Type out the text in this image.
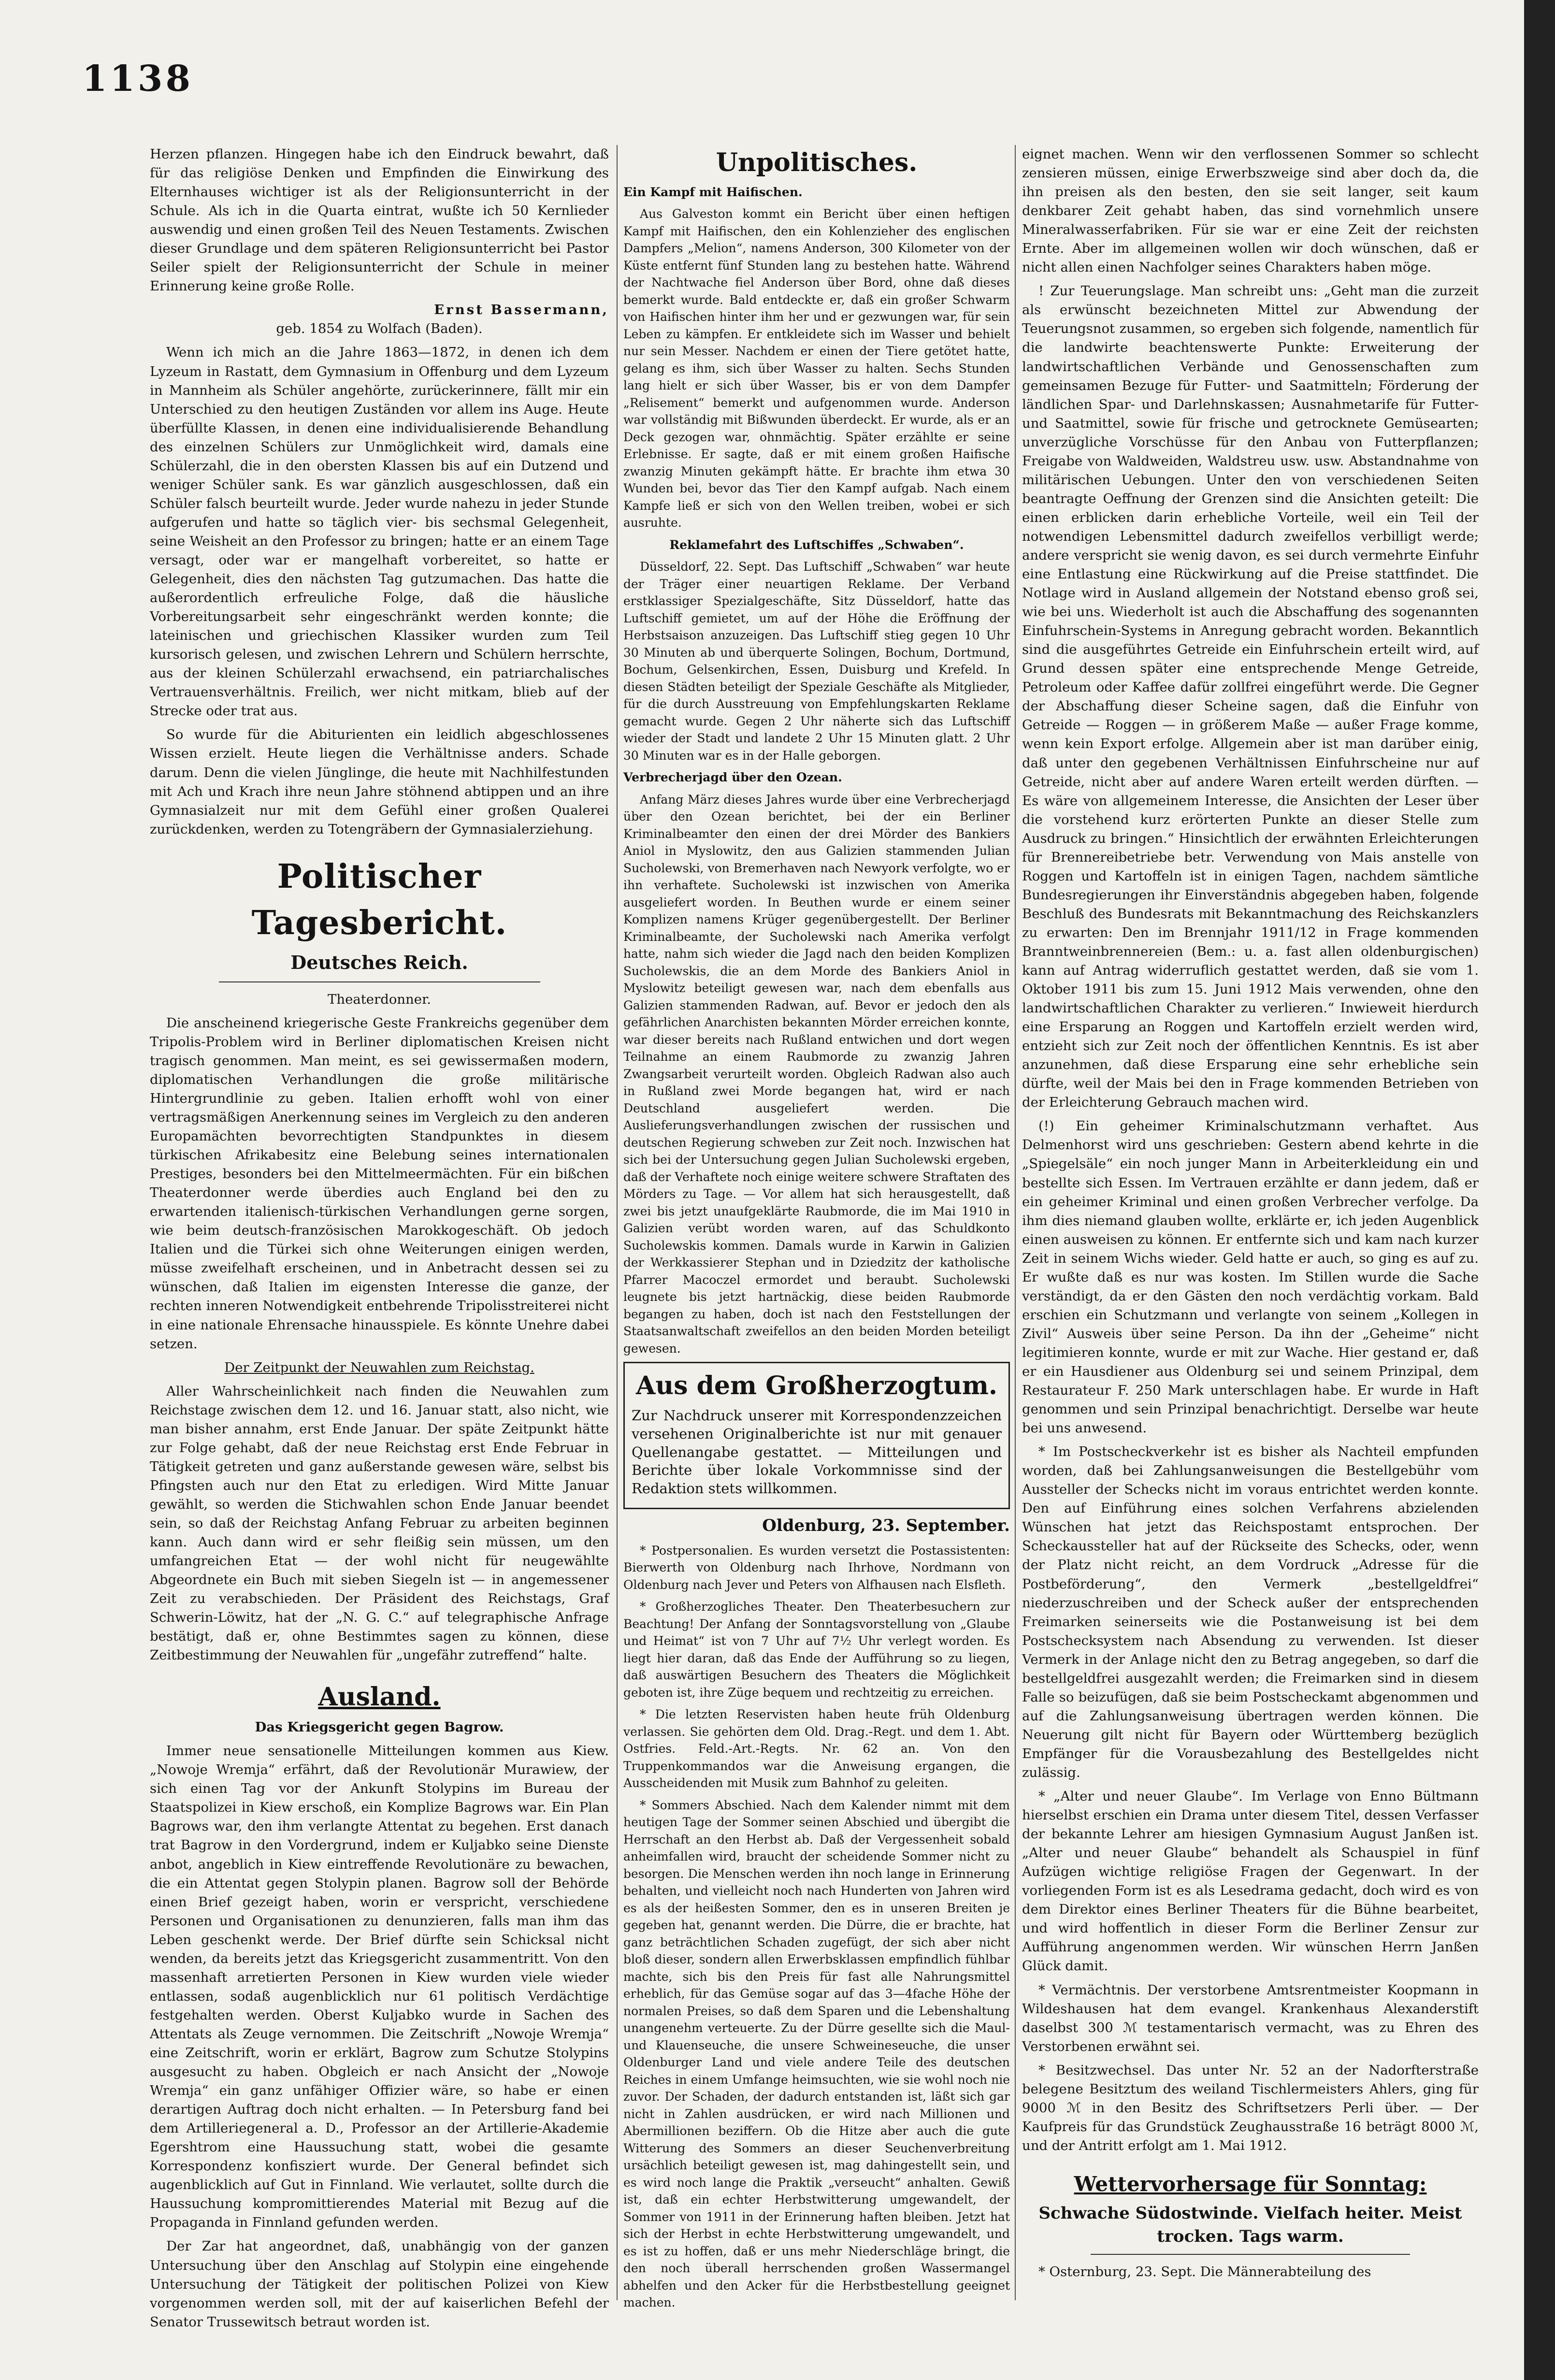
1138

Herzen pflanzen. Hingegen habe ich den Eindruck bewahrt, daß für das religiöse Denken und Empfinden die Einwirkung des Elternhauses wichtiger ist als der Religionsunterricht in der Schule. Als ich in die Quarta eintrat, wußte ich 50 Kernlieder auswendig und einen großen Teil des Neuen Testaments. Zwischen dieser Grundlage und dem späteren Religionsunterricht bei Pastor Seiler spielt der Religionsunterricht der Schule in meiner Erinnerung keine große Rolle.

Ernst Bassermann,

geb. 1854 zu Wolfach (Baden).

Wenn ich mich an die Jahre 1863—1872, in denen ich dem Lyzeum in Rastatt, dem Gymnasium in Offenburg und dem Lyzeum in Mannheim als Schüler angehörte, zurückerinnere, fällt mir ein Unterschied zu den heutigen Zuständen vor allem ins Auge. Heute überfüllte Klassen, in denen eine individualisierende Behandlung des einzelnen Schülers zur Unmöglichkeit wird, damals eine Schülerzahl, die in den obersten Klassen bis auf ein Dutzend und weniger Schüler sank. Es war gänzlich ausgeschlossen, daß ein Schüler falsch beurteilt wurde. Jeder wurde nahezu in jeder Stunde aufgerufen und hatte so täglich vier- bis sechsmal Gelegenheit, seine Weisheit an den Professor zu bringen; hatte er an einem Tage versagt, oder war er mangelhaft vorbereitet, so hatte er Gelegenheit, dies den nächsten Tag gutzumachen. Das hatte die außerordentlich erfreuliche Folge, daß die häusliche Vorbereitungsarbeit sehr eingeschränkt werden konnte; die lateinischen und griechischen Klassiker wurden zum Teil kursorisch gelesen, und zwischen Lehrern und Schülern herrschte, aus der kleinen Schülerzahl erwachsend, ein patriarchalisches Vertrauensverhältnis. Freilich, wer nicht mitkam, blieb auf der Strecke oder trat aus.

So wurde für die Abiturienten ein leidlich abgeschlossenes Wissen erzielt. Heute liegen die Verhältnisse anders. Schade darum. Denn die vielen Jünglinge, die heute mit Nachhilfestunden mit Ach und Krach ihre neun Jahre stöhnend abtippen und an ihre Gymnasialzeit nur mit dem Gefühl einer großen Qualerei zurückdenken, werden zu Totengräbern der Gymnasialerziehung.

Politischer Tagesbericht.
Deutsches Reich.

Theaterdonner.

Die anscheinend kriegerische Geste Frankreichs gegenüber dem Tripolis-Problem wird in Berliner diplomatischen Kreisen nicht tragisch genommen. Man meint, es sei gewissermaßen modern, diplomatischen Verhandlungen die große militärische Hintergrundlinie zu geben. Italien erhofft wohl von einer vertragsmäßigen Anerkennung seines im Vergleich zu den anderen Europamächten bevorrechtigten Standpunktes in diesem türkischen Afrikabesitz eine Belebung seines internationalen Prestiges, besonders bei den Mittelmeermächten. Für ein bißchen Theaterdonner werde überdies auch England bei den zu erwartenden italienisch-türkischen Verhandlungen gerne sorgen, wie beim deutsch-französischen Marokkogeschäft. Ob jedoch Italien und die Türkei sich ohne Weiterungen einigen werden, müsse zweifelhaft erscheinen, und in Anbetracht dessen sei zu wünschen, daß Italien im eigensten Interesse die ganze, der rechten inneren Notwendigkeit entbehrende Tripolisstreiterei nicht in eine nationale Ehrensache hinausspiele. Es könnte Unehre dabei setzen.

Der Zeitpunkt der Neuwahlen zum Reichstag.

Aller Wahrscheinlichkeit nach finden die Neuwahlen zum Reichstage zwischen dem 12. und 16. Januar statt, also nicht, wie man bisher annahm, erst Ende Januar. Der späte Zeitpunkt hätte zur Folge gehabt, daß der neue Reichstag erst Ende Februar in Tätigkeit getreten und ganz außerstande gewesen wäre, selbst bis Pfingsten auch nur den Etat zu erledigen. Wird Mitte Januar gewählt, so werden die Stichwahlen schon Ende Januar beendet sein, so daß der Reichstag Anfang Februar zu arbeiten beginnen kann. Auch dann wird er sehr fleißig sein müssen, um den umfangreichen Etat — der wohl nicht für neugewählte Abgeordnete ein Buch mit sieben Siegeln ist — in angemessener Zeit zu verabschieden. Der Präsident des Reichstags, Graf Schwerin-Löwitz, hat der „N. G. C.“ auf telegraphische Anfrage bestätigt, daß er, ohne Bestimmtes sagen zu können, diese Zeitbestimmung der Neuwahlen für „ungefähr zutreffend“ halte.

Ausland.

Das Kriegsgericht gegen Bagrow.

Immer neue sensationelle Mitteilungen kommen aus Kiew. „Nowoje Wremja“ erfährt, daß der Revolutionär Murawiew, der sich einen Tag vor der Ankunft Stolypins im Bureau der Staatspolizei in Kiew erschoß, ein Komplize Bagrows war. Ein Plan Bagrows war, den ihm verlangte Attentat zu begehen. Erst danach trat Bagrow in den Vordergrund, indem er Kuljabko seine Dienste anbot, angeblich in Kiew eintreffende Revolutionäre zu bewachen, die ein Attentat gegen Stolypin planen. Bagrow soll der Behörde einen Brief gezeigt haben, worin er verspricht, verschiedene Personen und Organisationen zu denunzieren, falls man ihm das Leben geschenkt werde. Der Brief dürfte sein Schicksal nicht wenden, da bereits jetzt das Kriegsgericht zusammentritt. Von den massenhaft arretierten Personen in Kiew wurden viele wieder entlassen, sodaß augenblicklich nur 61 politisch Verdächtige festgehalten werden. Oberst Kuljabko wurde in Sachen des Attentats als Zeuge vernommen. Die Zeitschrift „Nowoje Wremja“ eine Zeitschrift, worin er erklärt, Bagrow zum Schutze Stolypins ausgesucht zu haben. Obgleich er nach Ansicht der „Nowoje Wremja“ ein ganz unfähiger Offizier wäre, so habe er einen derartigen Auftrag doch nicht erhalten. — In Petersburg fand bei dem Artilleriegeneral a. D., Professor an der Artillerie-Akademie Egershtrom eine Haussuchung statt, wobei die gesamte Korrespondenz konfisziert wurde. Der General befindet sich augenblicklich auf Gut in Finnland. Wie verlautet, sollte durch die Haussuchung kompromittierendes Material mit Bezug auf die Propaganda in Finnland gefunden werden.

Der Zar hat angeordnet, daß, unabhängig von der ganzen Untersuchung über den Anschlag auf Stolypin eine eingehende Untersuchung der Tätigkeit der politischen Polizei von Kiew vorgenommen werden soll, mit der auf kaiserlichen Befehl der Senator Trussewitsch betraut worden ist.

Unpolitisches.

Ein Kampf mit Haifischen.

Aus Galveston kommt ein Bericht über einen heftigen Kampf mit Haifischen, den ein Kohlenzieher des englischen Dampfers „Melion“, namens Anderson, 300 Kilometer von der Küste entfernt fünf Stunden lang zu bestehen hatte. Während der Nachtwache fiel Anderson über Bord, ohne daß dieses bemerkt wurde. Bald entdeckte er, daß ein großer Schwarm von Haifischen hinter ihm her und er gezwungen war, für sein Leben zu kämpfen. Er entkleidete sich im Wasser und behielt nur sein Messer. Nachdem er einen der Tiere getötet hatte, gelang es ihm, sich über Wasser zu halten. Sechs Stunden lang hielt er sich über Wasser, bis er von dem Dampfer „Relisement“ bemerkt und aufgenommen wurde. Anderson war vollständig mit Bißwunden überdeckt. Er wurde, als er an Deck gezogen war, ohnmächtig. Später erzählte er seine Erlebnisse. Er sagte, daß er mit einem großen Haifische zwanzig Minuten gekämpft hätte. Er brachte ihm etwa 30 Wunden bei, bevor das Tier den Kampf aufgab. Nach einem Kampfe ließ er sich von den Wellen treiben, wobei er sich ausruhte.

Reklamefahrt des Luftschiffes „Schwaben“.

Düsseldorf, 22. Sept. Das Luftschiff „Schwaben“ war heute der Träger einer neuartigen Reklame. Der Verband erstklassiger Spezialgeschäfte, Sitz Düsseldorf, hatte das Luftschiff gemietet, um auf der Höhe die Eröffnung der Herbstsaison anzuzeigen. Das Luftschiff stieg gegen 10 Uhr 30 Minuten ab und überquerte Solingen, Bochum, Dortmund, Bochum, Gelsenkirchen, Essen, Duisburg und Krefeld. In diesen Städten beteiligt der Speziale Geschäfte als Mitglieder, für die durch Ausstreuung von Empfehlungskarten Reklame gemacht wurde. Gegen 2 Uhr näherte sich das Luftschiff wieder der Stadt und landete 2 Uhr 15 Minuten glatt. 2 Uhr 30 Minuten war es in der Halle geborgen.

Verbrecherjagd über den Ozean.

Anfang März dieses Jahres wurde über eine Verbrecherjagd über den Ozean berichtet, bei der ein Berliner Kriminalbeamter den einen der drei Mörder des Bankiers Aniol in Myslowitz, den aus Galizien stammenden Julian Sucholewski, von Bremerhaven nach Newyork verfolgte, wo er ihn verhaftete. Sucholewski ist inzwischen von Amerika ausgeliefert worden. In Beuthen wurde er einem seiner Komplizen namens Krüger gegenübergestellt. Der Berliner Kriminalbeamte, der Sucholewski nach Amerika verfolgt hatte, nahm sich wieder die Jagd nach den beiden Komplizen Sucholewskis, die an dem Morde des Bankiers Aniol in Myslowitz beteiligt gewesen war, nach dem ebenfalls aus Galizien stammenden Radwan, auf. Bevor er jedoch den als gefährlichen Anarchisten bekannten Mörder erreichen konnte, war dieser bereits nach Rußland entwichen und dort wegen Teilnahme an einem Raubmorde zu zwanzig Jahren Zwangsarbeit verurteilt worden. Obgleich Radwan also auch in Rußland zwei Morde begangen hat, wird er nach Deutschland ausgeliefert werden. Die Auslieferungsverhandlungen zwischen der russischen und deutschen Regierung schweben zur Zeit noch. Inzwischen hat sich bei der Untersuchung gegen Julian Sucholewski ergeben, daß der Verhaftete noch einige weitere schwere Straftaten des Mörders zu Tage. — Vor allem hat sich herausgestellt, daß zwei bis jetzt unaufgeklärte Raubmorde, die im Mai 1910 in Galizien verübt worden waren, auf das Schuldkonto Sucholewskis kommen. Damals wurde in Karwin in Galizien der Werkkassierer Stephan und in Dziedzitz der katholische Pfarrer Macoczel ermordet und beraubt. Sucholewski leugnete bis jetzt hartnäckig, diese beiden Raubmorde begangen zu haben, doch ist nach den Feststellungen der Staatsanwaltschaft zweifellos an den beiden Morden beteiligt gewesen.

Aus dem Großherzogtum.

Zur Nachdruck unserer mit Korrespondenzzeichen versehenen Originalberichte ist nur mit genauer Quellenangabe gestattet. — Mitteilungen und Berichte über lokale Vorkommnisse sind der Redaktion stets willkommen.

Oldenburg, 23. September.

* Postpersonalien. Es wurden versetzt die Postassistenten: Bierwerth von Oldenburg nach Ihrhove, Nordmann von Oldenburg nach Jever und Peters von Alfhausen nach Elsfleth.

* Großherzogliches Theater. Den Theaterbesuchern zur Beachtung! Der Anfang der Sonntagsvorstellung von „Glaube und Heimat“ ist von 7 Uhr auf 7½ Uhr verlegt worden. Es liegt hier daran, daß das Ende der Aufführung so zu liegen, daß auswärtigen Besuchern des Theaters die Möglichkeit geboten ist, ihre Züge bequem und rechtzeitig zu erreichen.

* Die letzten Reservisten haben heute früh Oldenburg verlassen. Sie gehörten dem Old. Drag.-Regt. und dem 1. Abt. Ostfries. Feld.-Art.-Regts. Nr. 62 an. Von den Truppenkommandos war die Anweisung ergangen, die Ausscheidenden mit Musik zum Bahnhof zu geleiten.

* Sommers Abschied. Nach dem Kalender nimmt mit dem heutigen Tage der Sommer seinen Abschied und übergibt die Herrschaft an den Herbst ab. Daß der Vergessenheit sobald anheimfallen wird, braucht der scheidende Sommer nicht zu besorgen. Die Menschen werden ihn noch lange in Erinnerung behalten, und vielleicht noch nach Hunderten von Jahren wird es als der heißesten Sommer, den es in unseren Breiten je gegeben hat, genannt werden. Die Dürre, die er brachte, hat ganz beträchtlichen Schaden zugefügt, der sich aber nicht bloß dieser, sondern allen Erwerbsklassen empfindlich fühlbar machte, sich bis den Preis für fast alle Nahrungsmittel erheblich, für das Gemüse sogar auf das 3—4fache Höhe der normalen Preises, so daß dem Sparen und die Lebenshaltung unangenehm verteuerte. Zu der Dürre gesellte sich die Maul- und Klauenseuche, die unsere Schweineseuche, die unser Oldenburger Land und viele andere Teile des deutschen Reiches in einem Umfange heimsuchten, wie sie wohl noch nie zuvor. Der Schaden, der dadurch entstanden ist, läßt sich gar nicht in Zahlen ausdrücken, er wird nach Millionen und Abermillionen beziffern. Ob die Hitze aber auch die gute Witterung des Sommers an dieser Seuchenverbreitung ursächlich beteiligt gewesen ist, mag dahingestellt sein, und es wird noch lange die Praktik „verseucht“ anhalten. Gewiß ist, daß ein echter Herbstwitterung umgewandelt, der Sommer von 1911 in der Erinnerung haften bleiben. Jetzt hat sich der Herbst in echte Herbstwitterung umgewandelt, und es ist zu hoffen, daß er uns mehr Niederschläge bringt, die den noch überall herrschenden großen Wassermangel abhelfen und den Acker für die Herbstbestellung geeignet machen.

eignet machen. Wenn wir den verflossenen Sommer so schlecht zensieren müssen, einige Erwerbszweige sind aber doch da, die ihn preisen als den besten, den sie seit langer, seit kaum denkbarer Zeit gehabt haben, das sind vornehmlich unsere Mineralwasserfabriken. Für sie war er eine Zeit der reichsten Ernte. Aber im allgemeinen wollen wir doch wünschen, daß er nicht allen einen Nachfolger seines Charakters haben möge.

! Zur Teuerungslage. Man schreibt uns: „Geht man die zurzeit als erwünscht bezeichneten Mittel zur Abwendung der Teuerungsnot zusammen, so ergeben sich folgende, namentlich für die landwirte beachtenswerte Punkte: Erweiterung der landwirtschaftlichen Verbände und Genossenschaften zum gemeinsamen Bezuge für Futter- und Saatmitteln; Förderung der ländlichen Spar- und Darlehnskassen; Ausnahmetarife für Futter- und Saatmittel, sowie für frische und getrocknete Gemüsearten; unverzügliche Vorschüsse für den Anbau von Futterpflanzen; Freigabe von Waldweiden, Waldstreu usw. usw. Abstandnahme von militärischen Uebungen. Unter den von verschiedenen Seiten beantragte Oeffnung der Grenzen sind die Ansichten geteilt: Die einen erblicken darin erhebliche Vorteile, weil ein Teil der notwendigen Lebensmittel dadurch zweifellos verbilligt werde; andere verspricht sie wenig davon, es sei durch vermehrte Einfuhr eine Entlastung eine Rückwirkung auf die Preise stattfindet. Die Notlage wird in Ausland allgemein der Notstand ebenso groß sei, wie bei uns. Wiederholt ist auch die Abschaffung des sogenannten Einfuhrschein-Systems in Anregung gebracht worden. Bekanntlich sind die ausgeführtes Getreide ein Einfuhrschein erteilt wird, auf Grund dessen später eine entsprechende Menge Getreide, Petroleum oder Kaffee dafür zollfrei eingeführt werde. Die Gegner der Abschaffung dieser Scheine sagen, daß die Einfuhr von Getreide — Roggen — in größerem Maße — außer Frage komme, wenn kein Export erfolge. Allgemein aber ist man darüber einig, daß unter den gegebenen Verhältnissen Einfuhrscheine nur auf Getreide, nicht aber auf andere Waren erteilt werden dürften. — Es wäre von allgemeinem Interesse, die Ansichten der Leser über die vorstehend kurz erörterten Punkte an dieser Stelle zum Ausdruck zu bringen.“ Hinsichtlich der erwähnten Erleichterungen für Brennereibetriebe betr. Verwendung von Mais anstelle von Roggen und Kartoffeln ist in einigen Tagen, nachdem sämtliche Bundesregierungen ihr Einverständnis abgegeben haben, folgende Beschluß des Bundesrats mit Bekanntmachung des Reichskanzlers zu erwarten: Den im Brennjahr 1911/12 in Frage kommenden Branntweinbrennereien (Bem.: u. a. fast allen oldenburgischen) kann auf Antrag widerruflich gestattet werden, daß sie vom 1. Oktober 1911 bis zum 15. Juni 1912 Mais verwenden, ohne den landwirtschaftlichen Charakter zu verlieren.“ Inwieweit hierdurch eine Ersparung an Roggen und Kartoffeln erzielt werden wird, entzieht sich zur Zeit noch der öffentlichen Kenntnis. Es ist aber anzunehmen, daß diese Ersparung eine sehr erhebliche sein dürfte, weil der Mais bei den in Frage kommenden Betrieben von der Erleichterung Gebrauch machen wird.

(!) Ein geheimer Kriminalschutzmann verhaftet. Aus Delmenhorst wird uns geschrieben: Gestern abend kehrte in die „Spiegelsäle“ ein noch junger Mann in Arbeiterkleidung ein und bestellte sich Essen. Im Vertrauen erzählte er dann jedem, daß er ein geheimer Kriminal und einen großen Verbrecher verfolge. Da ihm dies niemand glauben wollte, erklärte er, ich jeden Augenblick einen ausweisen zu können. Er entfernte sich und kam nach kurzer Zeit in seinem Wichs wieder. Geld hatte er auch, so ging es auf zu. Er wußte daß es nur was kosten. Im Stillen wurde die Sache verständigt, da er den Gästen den noch verdächtig vorkam. Bald erschien ein Schutzmann und verlangte von seinem „Kollegen in Zivil“ Ausweis über seine Person. Da ihn der „Geheime“ nicht legitimieren konnte, wurde er mit zur Wache. Hier gestand er, daß er ein Hausdiener aus Oldenburg sei und seinem Prinzipal, dem Restaurateur F. 250 Mark unterschlagen habe. Er wurde in Haft genommen und sein Prinzipal benachrichtigt. Derselbe war heute bei uns anwesend.

* Im Postscheckverkehr ist es bisher als Nachteil empfunden worden, daß bei Zahlungsanweisungen die Bestellgebühr vom Aussteller der Schecks nicht im voraus entrichtet werden konnte. Den auf Einführung eines solchen Verfahrens abzielenden Wünschen hat jetzt das Reichspostamt entsprochen. Der Scheckaussteller hat auf der Rückseite des Schecks, oder, wenn der Platz nicht reicht, an dem Vordruck „Adresse für die Postbeförderung“, den Vermerk „bestellgeldfrei“ niederzuschreiben und der Scheck außer der entsprechenden Freimarken seinerseits wie die Postanweisung ist bei dem Postschecksystem nach Absendung zu verwenden. Ist dieser Vermerk in der Anlage nicht den zu Betrag angegeben, so darf die bestellgeldfrei ausgezahlt werden; die Freimarken sind in diesem Falle so beizufügen, daß sie beim Postscheckamt abgenommen und auf die Zahlungsanweisung übertragen werden können. Die Neuerung gilt nicht für Bayern oder Württemberg bezüglich Empfänger für die Vorausbezahlung des Bestellgeldes nicht zulässig.

* „Alter und neuer Glaube“. Im Verlage von Enno Bültmann hierselbst erschien ein Drama unter diesem Titel, dessen Verfasser der bekannte Lehrer am hiesigen Gymnasium August Janßen ist. „Alter und neuer Glaube“ behandelt als Schauspiel in fünf Aufzügen wichtige religiöse Fragen der Gegenwart. In der vorliegenden Form ist es als Lesedrama gedacht, doch wird es von dem Direktor eines Berliner Theaters für die Bühne bearbeitet, und wird hoffentlich in dieser Form die Berliner Zensur zur Aufführung angenommen werden. Wir wünschen Herrn Janßen Glück damit.

* Vermächtnis. Der verstorbene Amtsrentmeister Koopmann in Wildeshausen hat dem evangel. Krankenhaus Alexanderstift daselbst 300 ℳ testamentarisch vermacht, was zu Ehren des Verstorbenen erwähnt sei.

* Besitzwechsel. Das unter Nr. 52 an der Nadorfterstraße belegene Besitztum des weiland Tischlermeisters Ahlers, ging für 9000 ℳ in den Besitz des Schriftsetzers Perli über. — Der Kaufpreis für das Grundstück Zeughausstraße 16 beträgt 8000 ℳ, und der Antritt erfolgt am 1. Mai 1912.

Wettervorhersage für Sonntag:

Schwache Südostwinde. Vielfach heiter. Meist trocken. Tags warm.

* Osternburg, 23. Sept. Die Männerabteilung des
